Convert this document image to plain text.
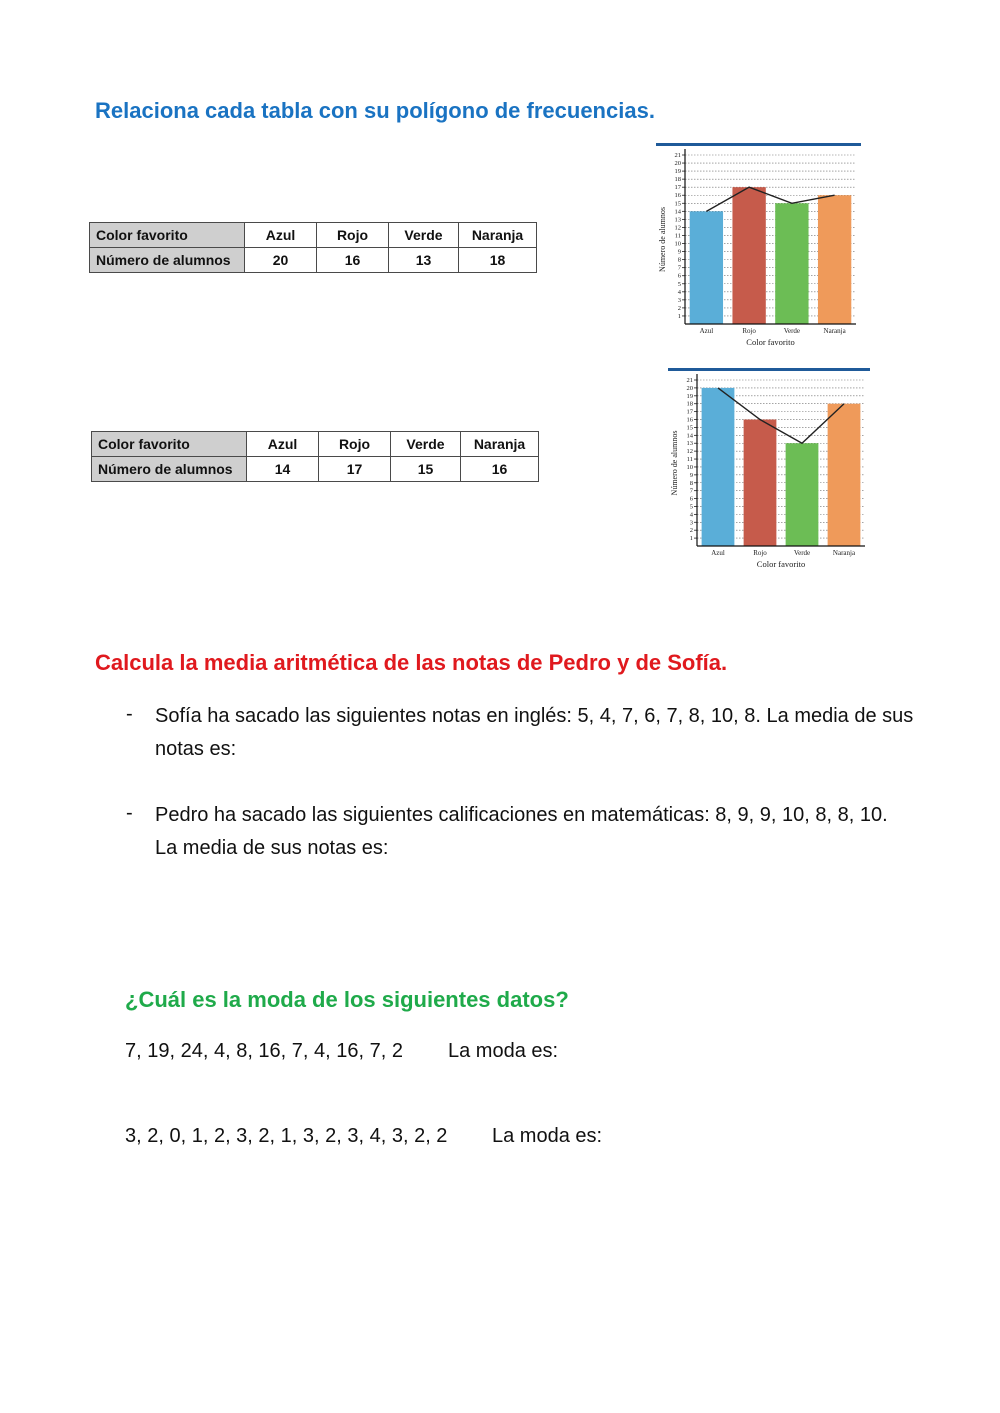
Relaciona cada tabla con su polígono de frecuencias.
Color favorito	Azul	Rojo	Verde	Naranja
Número de alumnos	20	16	13	18
Color favorito	Azul	Rojo	Verde	Naranja
Número de alumnos	14	17	15	16
1
2
3
4
5
6
7
8
9
10
11
12
13
14
15
16
17
18
19
20
21
Azul	Rojo	Verde	Naranja
Color favorito
Número de alumnos
1
2
3
4
5
6
7
8
9
10
11
12
13
14
15
16
17
18
19
20
21
Azul	Rojo	Verde	Naranja
Color favorito
Número de alumnos
Calcula la media aritmética de las notas de Pedro y de Sofía.
- Sofía ha sacado las siguientes notas en inglés: 5, 4, 7, 6, 7, 8, 10, 8. La media de sus notas es:

- Pedro ha sacado las siguientes calificaciones en matemáticas: 8, 9, 9, 10, 8, 8, 10. La media de sus notas es:

¿Cuál es la moda de los siguientes datos?
7, 19, 24, 4, 8, 16, 7, 4, 16, 7, 2 La moda es:
3, 2, 0, 1, 2, 3, 2, 1, 3, 2, 3, 4, 3, 2, 2 La moda es:
